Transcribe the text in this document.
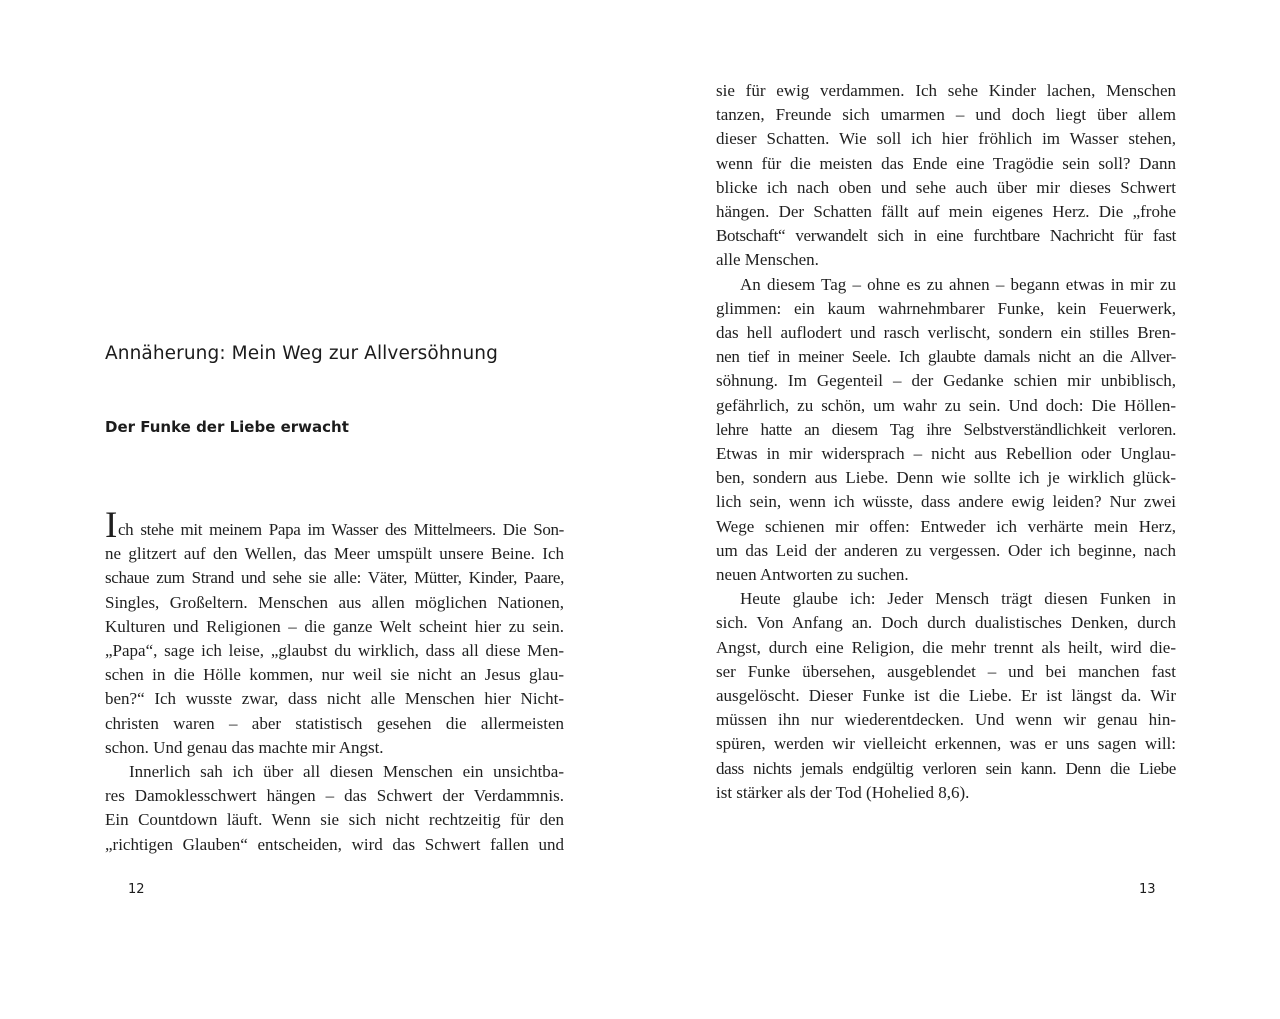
Annäherung: Mein Weg zur Allversöhnung
Der Funke der Liebe erwacht
Ich stehe mit meinem Papa im Wasser des Mittelmeers. Die Son-
ne glitzert auf den Wellen, das Meer umspült unsere Beine. Ich
schaue zum Strand und sehe sie alle: Väter, Mütter, Kinder, Paare,
Singles, Großeltern. Menschen aus allen möglichen Nationen,
Kulturen und Religionen – die ganze Welt scheint hier zu sein.
„Papa“, sage ich leise, „glaubst du wirklich, dass all diese Men-
schen in die Hölle kommen, nur weil sie nicht an Jesus glau-
ben?“ Ich wusste zwar, dass nicht alle Menschen hier Nicht-
christen waren – aber statistisch gesehen die allermeisten
schon. Und genau das machte mir Angst.
Innerlich sah ich über all diesen Menschen ein unsichtba-
res Damoklesschwert hängen – das Schwert der Verdammnis.
Ein Countdown läuft. Wenn sie sich nicht rechtzeitig für den
„richtigen Glauben“ entscheiden, wird das Schwert fallen und
12
sie für ewig verdammen. Ich sehe Kinder lachen, Menschen
tanzen, Freunde sich umarmen – und doch liegt über allem
dieser Schatten. Wie soll ich hier fröhlich im Wasser stehen,
wenn für die meisten das Ende eine Tragödie sein soll? Dann
blicke ich nach oben und sehe auch über mir dieses Schwert
hängen. Der Schatten fällt auf mein eigenes Herz. Die „frohe
Botschaft“ verwandelt sich in eine furchtbare Nachricht für fast
alle Menschen.
An diesem Tag – ohne es zu ahnen – begann etwas in mir zu
glimmen: ein kaum wahrnehmbarer Funke, kein Feuerwerk,
das hell auflodert und rasch verlischt, sondern ein stilles Bren-
nen tief in meiner Seele. Ich glaubte damals nicht an die Allver-
söhnung. Im Gegenteil – der Gedanke schien mir unbiblisch,
gefährlich, zu schön, um wahr zu sein. Und doch: Die Höllen-
lehre hatte an diesem Tag ihre Selbstverständlichkeit verloren.
Etwas in mir widersprach – nicht aus Rebellion oder Unglau-
ben, sondern aus Liebe. Denn wie sollte ich je wirklich glück-
lich sein, wenn ich wüsste, dass andere ewig leiden? Nur zwei
Wege schienen mir offen: Entweder ich verhärte mein Herz,
um das Leid der anderen zu vergessen. Oder ich beginne, nach
neuen Antworten zu suchen.
Heute glaube ich: Jeder Mensch trägt diesen Funken in
sich. Von Anfang an. Doch durch dualistisches Denken, durch
Angst, durch eine Religion, die mehr trennt als heilt, wird die-
ser Funke übersehen, ausgeblendet – und bei manchen fast
ausgelöscht. Dieser Funke ist die Liebe. Er ist längst da. Wir
müssen ihn nur wiederentdecken. Und wenn wir genau hin-
spüren, werden wir vielleicht erkennen, was er uns sagen will:
dass nichts jemals endgültig verloren sein kann. Denn die Liebe
ist stärker als der Tod (Hohelied 8,6).
13
